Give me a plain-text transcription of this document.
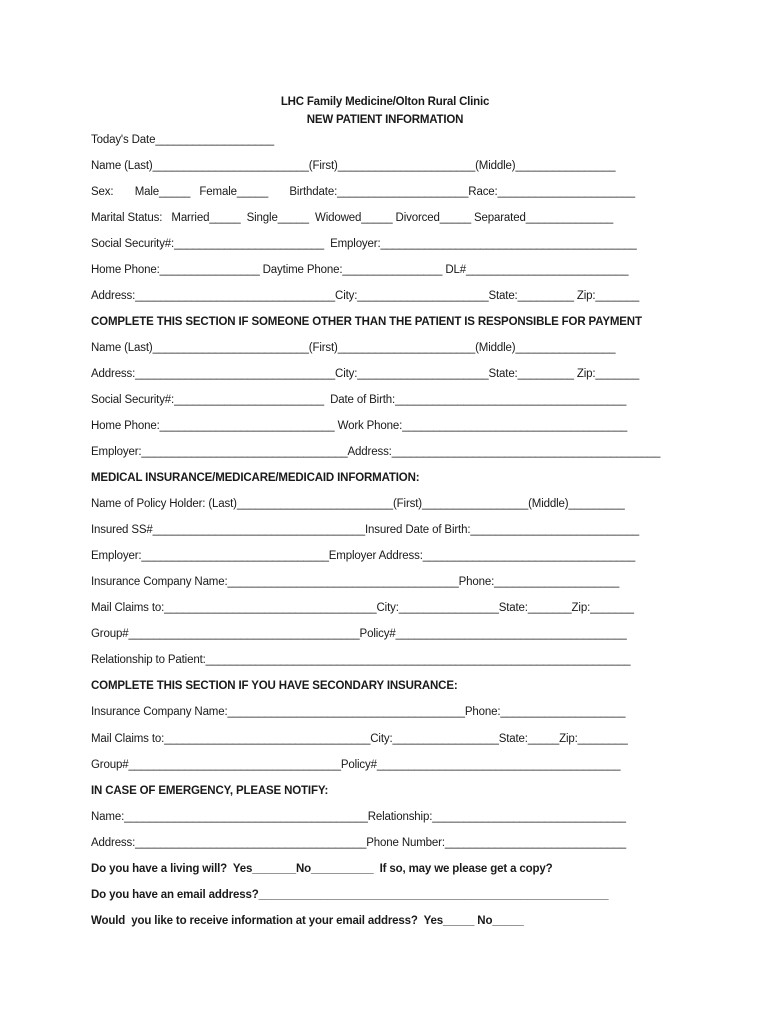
LHC Family Medicine/Olton Rural Clinic
NEW PATIENT INFORMATION
Today's Date___________________
Name (Last)_________________________(First)______________________(Middle)________________
Sex:       Male_____   Female_____       Birthdate:_____________________Race:______________________
Marital Status:   Married_____  Single_____  Widowed_____ Divorced_____ Separated______________
Social Security#:________________________  Employer:_________________________________________
Home Phone:________________ Daytime Phone:________________ DL#__________________________
Address:________________________________City:_____________________State:_________ Zip:_______
COMPLETE THIS SECTION IF SOMEONE OTHER THAN THE PATIENT IS RESPONSIBLE FOR PAYMENT
Name (Last)_________________________(First)______________________(Middle)________________
Address:________________________________City:_____________________State:_________ Zip:_______
Social Security#:________________________  Date of Birth:_____________________________________
Home Phone:____________________________ Work Phone:____________________________________
Employer:_________________________________Address:___________________________________________
MEDICAL INSURANCE/MEDICARE/MEDICAID INFORMATION:
Name of Policy Holder: (Last)_________________________(First)_________________(Middle)_________
Insured SS#__________________________________Insured Date of Birth:___________________________
Employer:______________________________Employer Address:__________________________________
Insurance Company Name:_____________________________________Phone:____________________
Mail Claims to:__________________________________City:________________State:_______Zip:_______
Group#_____________________________________Policy#_____________________________________
Relationship to Patient:____________________________________________________________________
COMPLETE THIS SECTION IF YOU HAVE SECONDARY INSURANCE:
Insurance Company Name:______________________________________Phone:____________________
Mail Claims to:_________________________________City:_________________State:_____Zip:________
Group#__________________________________Policy#_______________________________________
IN CASE OF EMERGENCY, PLEASE NOTIFY:
Name:_______________________________________Relationship:_______________________________
Address:_____________________________________Phone Number:_____________________________
Do you have a living will?  Yes_______No__________  If so, may we please get a copy?
Do you have an email address?________________________________________________________
Would  you like to receive information at your email address?  Yes_____ No_____
